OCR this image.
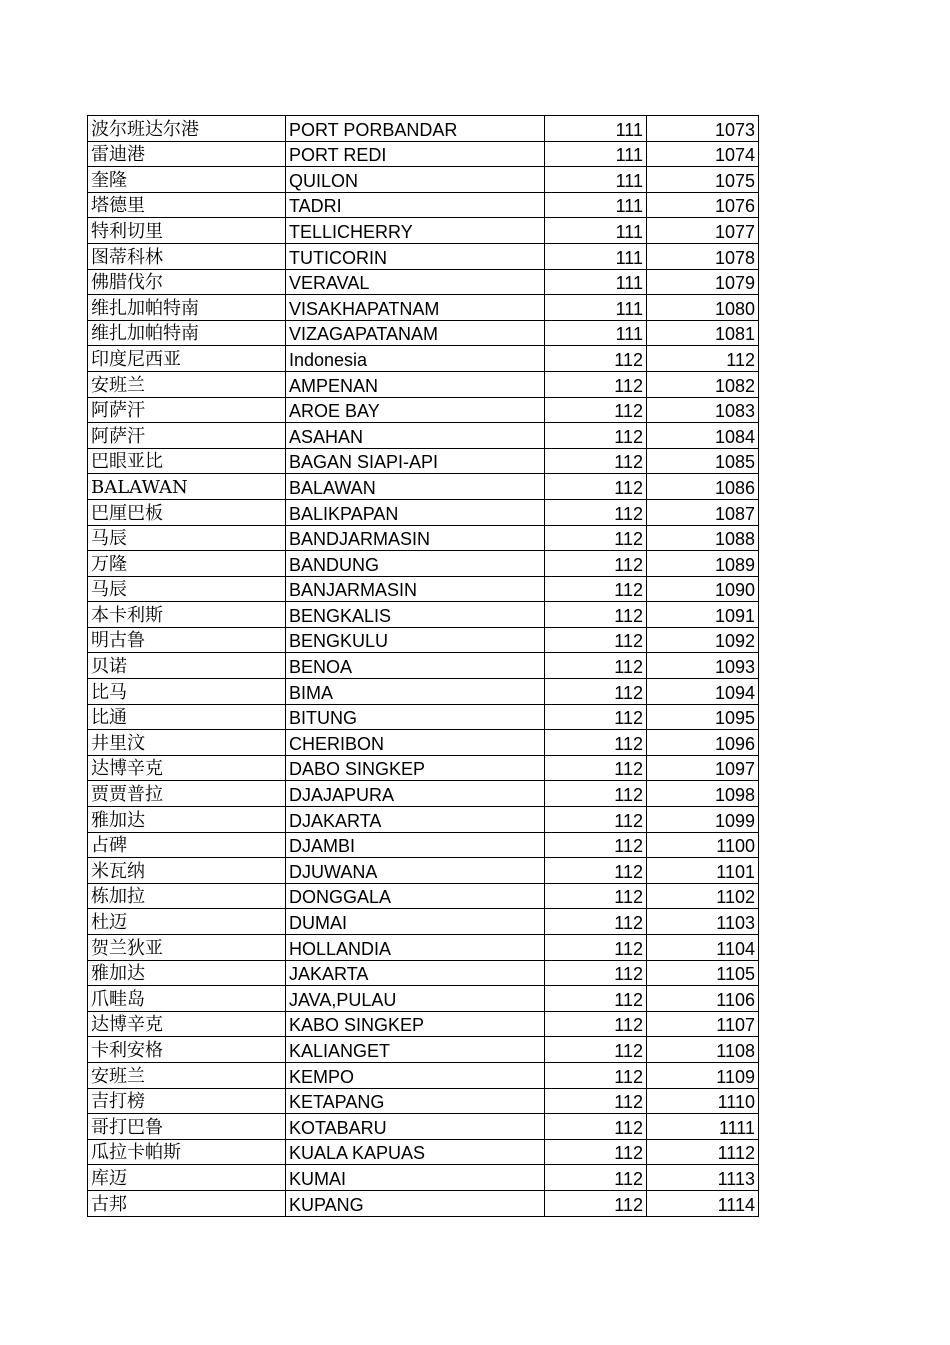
波尔班达尔港	PORT PORBANDAR	111	1073
雷迪港	PORT REDI	111	1074
奎隆	QUILON	111	1075
塔德里	TADRI	111	1076
特利切里	TELLICHERRY	111	1077
图蒂科林	TUTICORIN	111	1078
佛腊伐尔	VERAVAL	111	1079
维扎加帕特南	VISAKHAPATNAM	111	1080
维扎加帕特南	VIZAGAPATANAM	111	1081
印度尼西亚	Indonesia	112	112
安班兰	AMPENAN	112	1082
阿萨汗	AROE BAY	112	1083
阿萨汗	ASAHAN	112	1084
巴眼亚比	BAGAN SIAPI-API	112	1085
BALAWAN	BALAWAN	112	1086
巴厘巴板	BALIKPAPAN	112	1087
马辰	BANDJARMASIN	112	1088
万隆	BANDUNG	112	1089
马辰	BANJARMASIN	112	1090
本卡利斯	BENGKALIS	112	1091
明古鲁	BENGKULU	112	1092
贝诺	BENOA	112	1093
比马	BIMA	112	1094
比通	BITUNG	112	1095
井里汶	CHERIBON	112	1096
达博辛克	DABO SINGKEP	112	1097
贾贾普拉	DJAJAPURA	112	1098
雅加达	DJAKARTA	112	1099
占碑	DJAMBI	112	1100
米瓦纳	DJUWANA	112	1101
栋加拉	DONGGALA	112	1102
杜迈	DUMAI	112	1103
贺兰狄亚	HOLLANDIA	112	1104
雅加达	JAKARTA	112	1105
爪畦岛	JAVA,PULAU	112	1106
达博辛克	KABO SINGKEP	112	1107
卡利安格	KALIANGET	112	1108
安班兰	KEMPO	112	1109
吉打榜	KETAPANG	112	1110
哥打巴鲁	KOTABARU	112	1111
瓜拉卡帕斯	KUALA KAPUAS	112	1112
库迈	KUMAI	112	1113
古邦	KUPANG	112	1114
